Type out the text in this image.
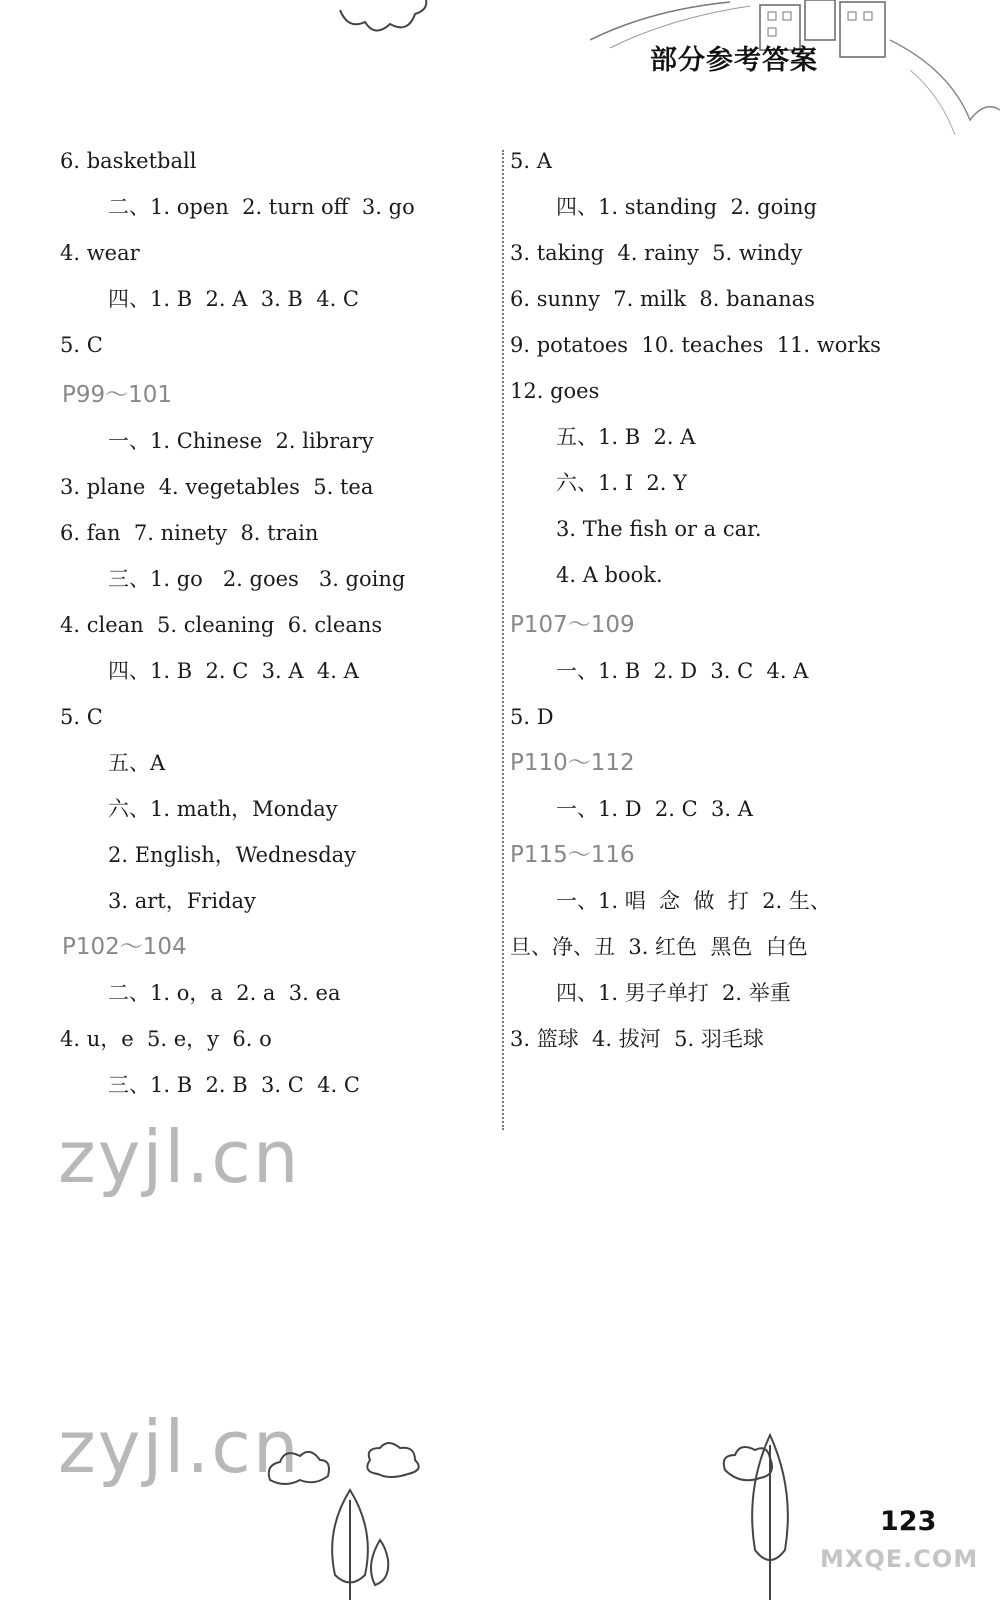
部分参考答案
6. basketball
二、1. open  2. turn off  3. go
4. wear
四、1. B  2. A  3. B  4. C
5. C
P99～101
一、1. Chinese  2. library
3. plane  4. vegetables  5. tea
6. fan  7. ninety  8. train
三、1. go   2. goes   3. going
4. clean  5. cleaning  6. cleans
四、1. B  2. C  3. A  4. A
5. C
五、A
六、1. math，Monday
2. English，Wednesday
3. art，Friday
P102～104
二、1. o，a  2. a  3. ea
4. u，e  5. e，y  6. o
三、1. B  2. B  3. C  4. C
5. A
四、1. standing  2. going
3. taking  4. rainy  5. windy
6. sunny  7. milk  8. bananas
9. potatoes  10. teaches  11. works
12. goes
五、1. B  2. A
六、1. I  2. Y
3. The fish or a car.
4. A book.
P107～109
一、1. B  2. D  3. C  4. A
5. D
P110～112
一、1. D  2. C  3. A
P115～116
一、1. 唱  念  做  打  2. 生、
旦、净、丑  3. 红色  黑色  白色
四、1. 男子单打  2. 举重
3. 篮球  4. 拔河  5. 羽毛球
zyjl.cn
zyjl.cn
123
MXQE.COM
